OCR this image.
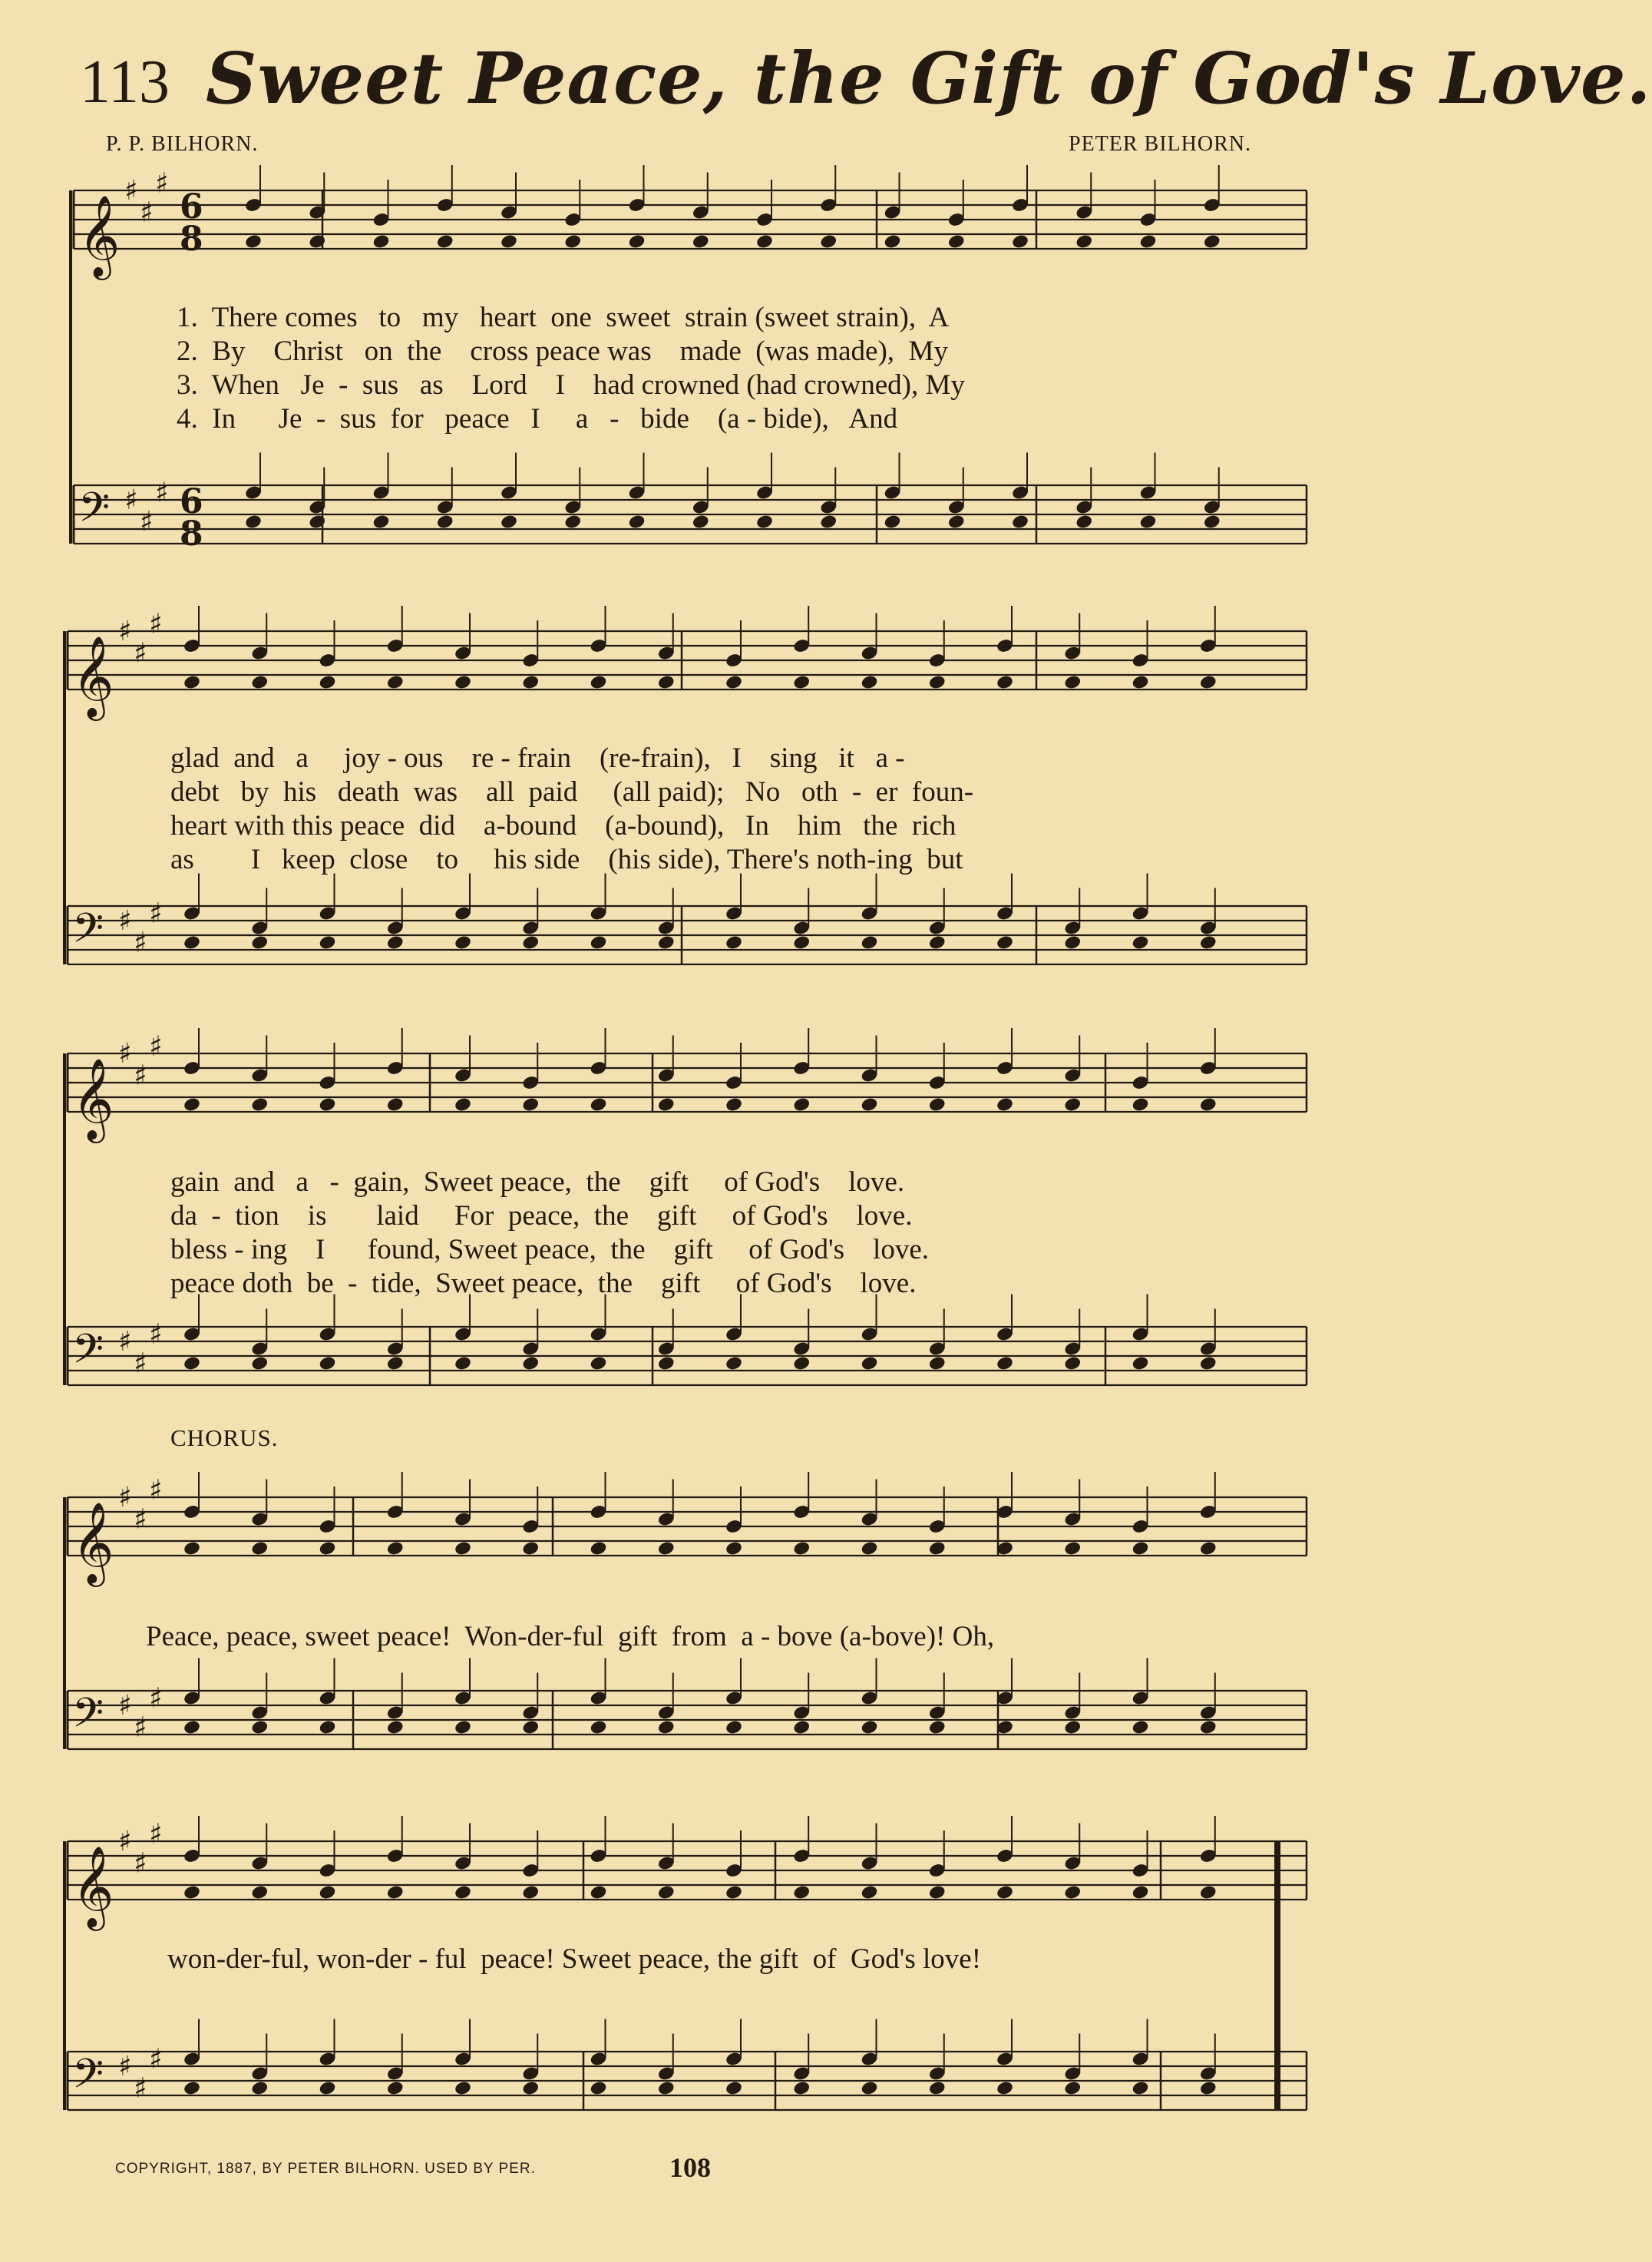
113 Sweet Peace, the Gift of God's Love.
P. P. BILHORN.	PETER BILHORN.
𝄞
♯
♯
♯
6
8
𝄢 ♯
♯
♯ 6
8
𝄞
♯
♯
♯
𝄢 ♯
♯
♯
𝄞
♯
♯
♯
𝄢 ♯
♯
♯
𝄞
♯
♯
♯
𝄢 ♯
♯
♯
𝄞
♯
♯
♯
𝄢 ♯
♯
♯
1.  There comes   to   my   heart  one  sweet  strain (sweet strain),  A
2.  By    Christ   on  the    cross peace was    made  (was made),  My
3.  When   Je  -  sus   as    Lord    I    had crowned (had crowned), My
4.  In      Je  -  sus  for   peace   I     a   -   bide    (a - bide),   And
glad  and   a     joy - ous    re - frain    (re-frain),   I    sing   it   a -
debt   by  his   death  was    all  paid     (all paid);   No   oth  -  er  foun-
heart with this peace  did    a-bound    (a-bound),   In    him   the  rich
as        I   keep  close    to     his side    (his side), There's noth-ing  but
gain  and   a   -  gain,  Sweet peace,  the    gift     of God's    love.
da  -  tion    is       laid     For  peace,  the    gift     of God's    love.
bless - ing    I      found, Sweet peace,  the    gift     of God's    love.
peace doth  be  -  tide,  Sweet peace,  the    gift     of God's    love.
CHORUS.
Peace, peace, sweet peace!  Won-der-ful  gift  from  a - bove (a-bove)! Oh,
won-der-ful, won-der - ful  peace! Sweet peace, the gift  of  God's love!
COPYRIGHT, 1887, BY PETER BILHORN. USED BY PER.	108
